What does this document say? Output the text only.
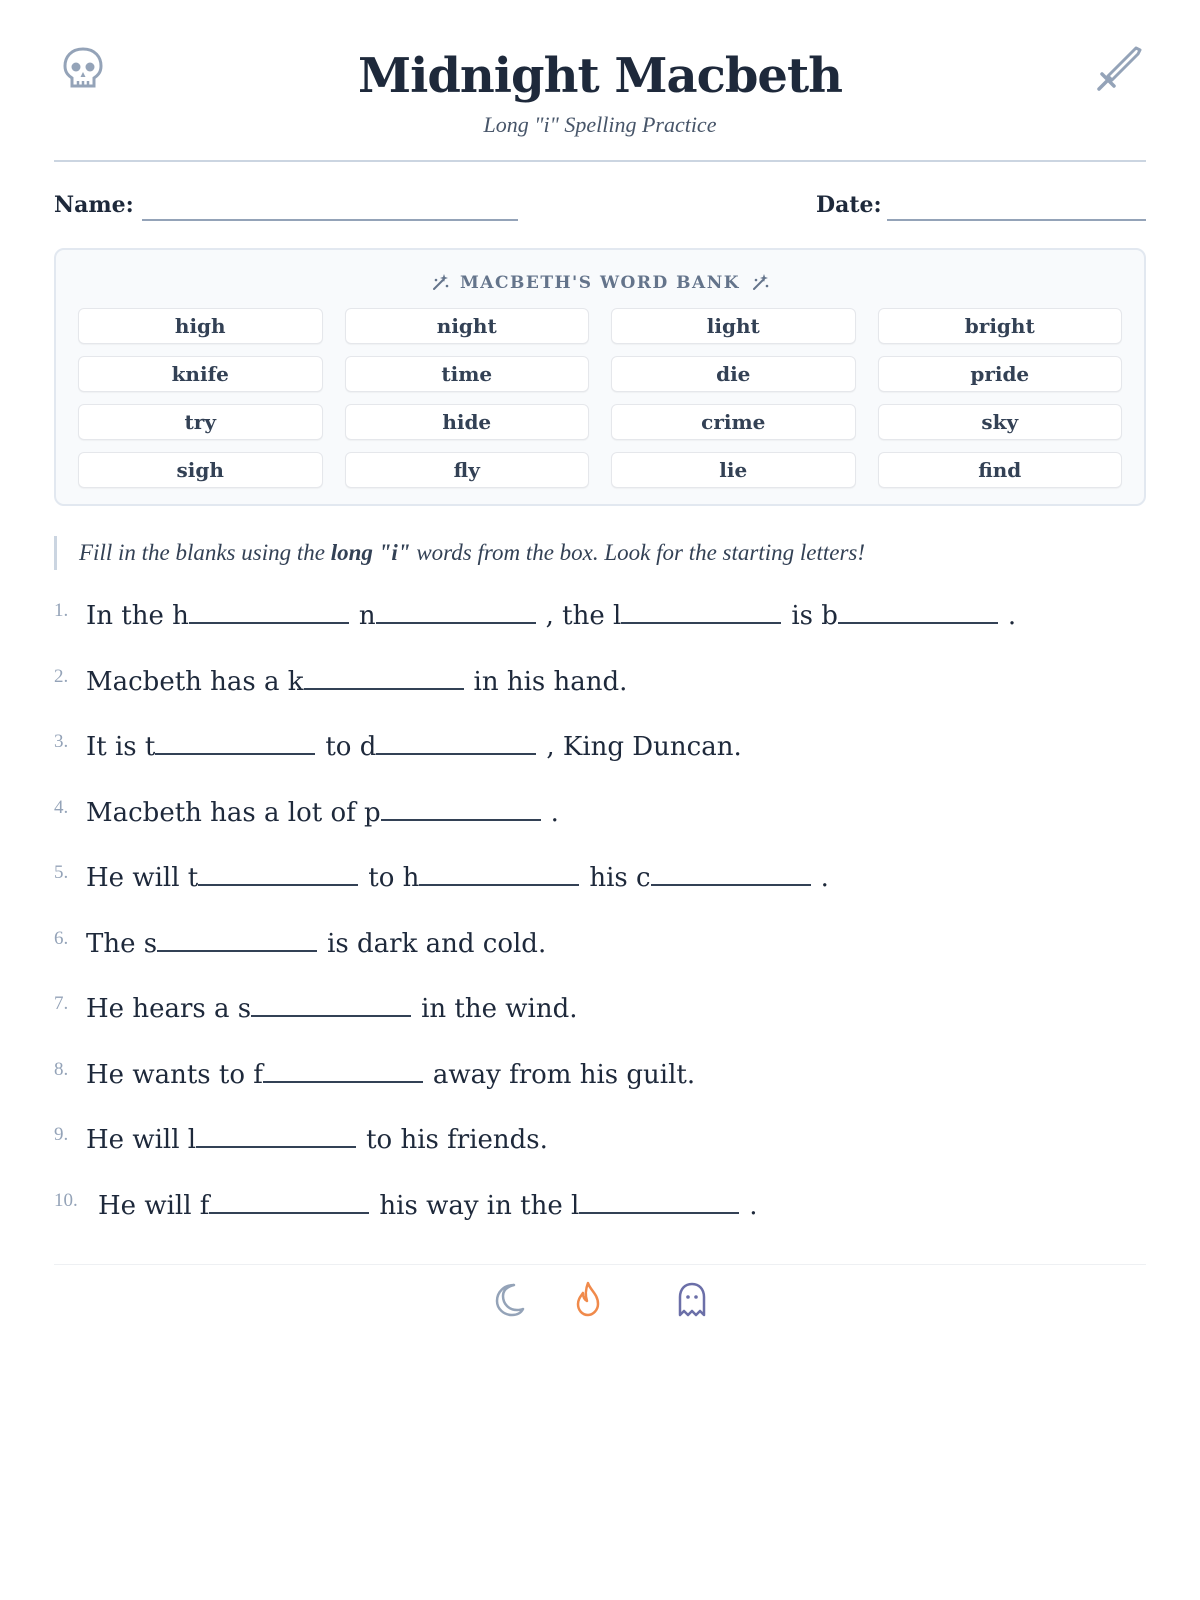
Midnight Macbeth
Long "i" Spelling Practice
Name:	Date:
MACBETH'S WORD BANK
high	night	light	bright
knife	time	die	pride
try	hide	crime	sky
sigh	fly	lie	find
Fill in the blanks using the long "i" words from the box. Look for the starting letters!
1. In the h	n	, the l	is b	.
2. Macbeth has a k	in his hand.
3. It is t	to d	, King Duncan.
4. Macbeth has a lot of p	.
5. He will t	to h	his c	.
6. The s	is dark and cold.
7. He hears a s	in the wind.
8. He wants to f	away from his guilt.
9. He will l	to his friends.
10. He will f	his way in the l	.
